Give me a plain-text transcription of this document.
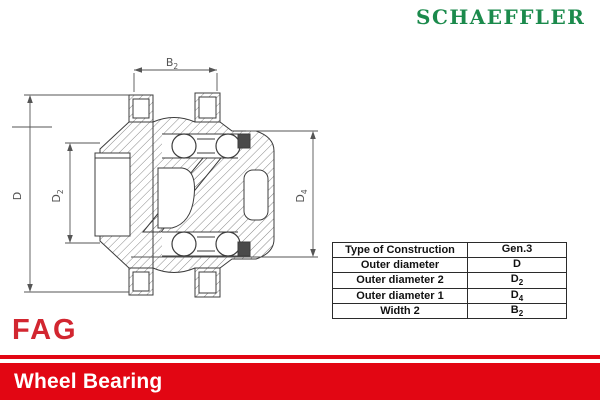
$B_2$
D $D_2$
$D_4$
SCHAEFFLER
FAG
Type of Construction	Gen.3
Outer diameter	D
Outer diameter 2	$D_2$
Outer diameter 1	$D_4$
Width 2	$B_2$
Wheel Bearing
